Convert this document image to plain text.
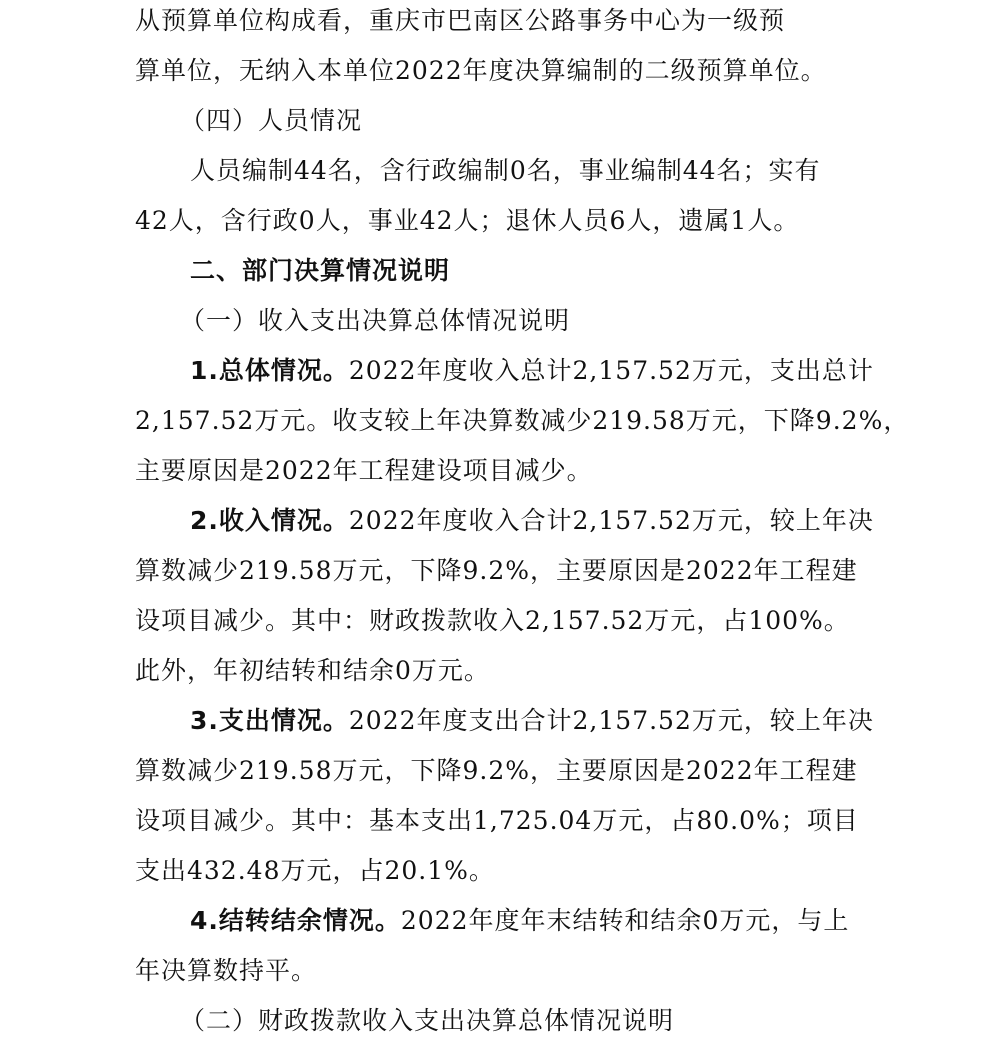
从预算单位构成看，重庆市巴南区公路事务中心为一级预
算单位，无纳入本单位2022年度决算编制的二级预算单位。
（四）人员情况
人员编制44名，含行政编制0名，事业编制44名；实有
42人，含行政0人，事业42人；退休人员6人，遗属1人。
二、部门决算情况说明
（一）收入支出决算总体情况说明
1.总体情况。2022年度收入总计2,157.52万元，支出总计
2,157.52万元。收支较上年决算数减少219.58万元，下降9.2%，
主要原因是2022年工程建设项目减少。
2.收入情况。2022年度收入合计2,157.52万元，较上年决
算数减少219.58万元，下降9.2%，主要原因是2022年工程建
设项目减少。其中：财政拨款收入2,157.52万元，占100%。
此外，年初结转和结余0万元。
3.支出情况。2022年度支出合计2,157.52万元，较上年决
算数减少219.58万元，下降9.2%，主要原因是2022年工程建
设项目减少。其中：基本支出1,725.04万元，占80.0%；项目
支出432.48万元，占20.1%。
4.结转结余情况。2022年度年末结转和结余0万元，与上
年决算数持平。
（二）财政拨款收入支出决算总体情况说明
